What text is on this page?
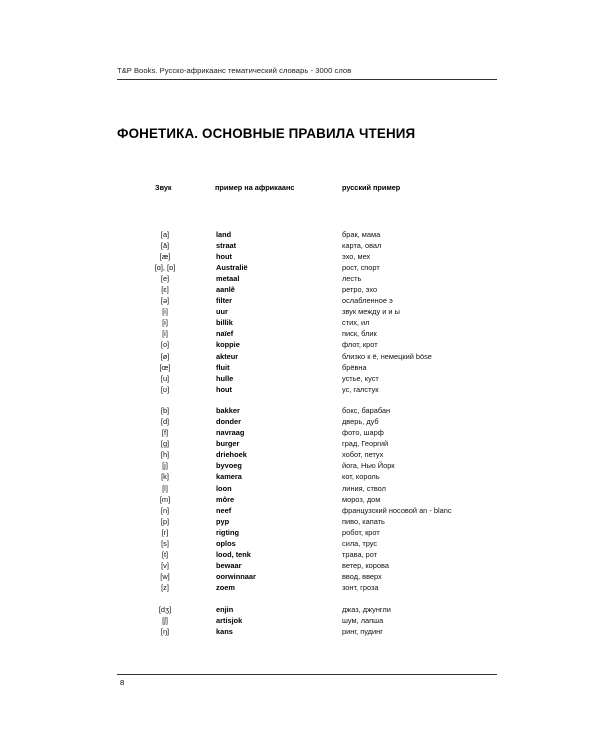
T&P Books. Русско-африкаанс тематический словарь - 3000 слов
ФОНЕТИКА. ОСНОВНЫЕ ПРАВИЛА ЧТЕНИЯ
Звук	пример на африкаанс	русский пример
[a]	land	брак, мама
[ā]	straat	карта, овал
[æ]	hout	эхо, мех
[ɑ], [ɒ]	Australië	рост, спорт
[e]	metaal	лесть
[ɛ]	aanlê	ретро, эхо
[ə]	filter	ослабленное э
[i]	uur	звук между и и ы
[i]	billik	стих, ил
[i]	naïef	писк, блик
[o]	koppie	флот, крот
[ø]	akteur	близко к ё, немецкий böse
[œ]	fluit	брёвна
[u]	hulle	устье, куст
[ʊ]	hout	ус, галстук
[b]	bakker	бокс, барабан
[d]	donder	дверь, дуб
[f]	navraag	фото, шарф
[g]	burger	град, Георгий
[h]	driehoek	хобот, петух
[j]	byvoeg	йога, Нью Йорк
[k]	kamera	кот, король
[l]	loon	линия, ствол
[m]	môre	мороз, дом
[n]	neef	французский носовой an - blanc
[p]	pyp	пиво, капать
[r]	rigting	робот, крот
[s]	oplos	сила, трус
[t]	lood, tenk	трава, рот
[v]	bewaar	ветер, корова
[w]	oorwinnaar	ввод, вверх
[z]	zoem	зонт, гроза
[dʒ]	enjin	джаз, джунгли
[ʃ]	artisjok	шум, лапша
[ŋ]	kans	ринг, пудинг
8
